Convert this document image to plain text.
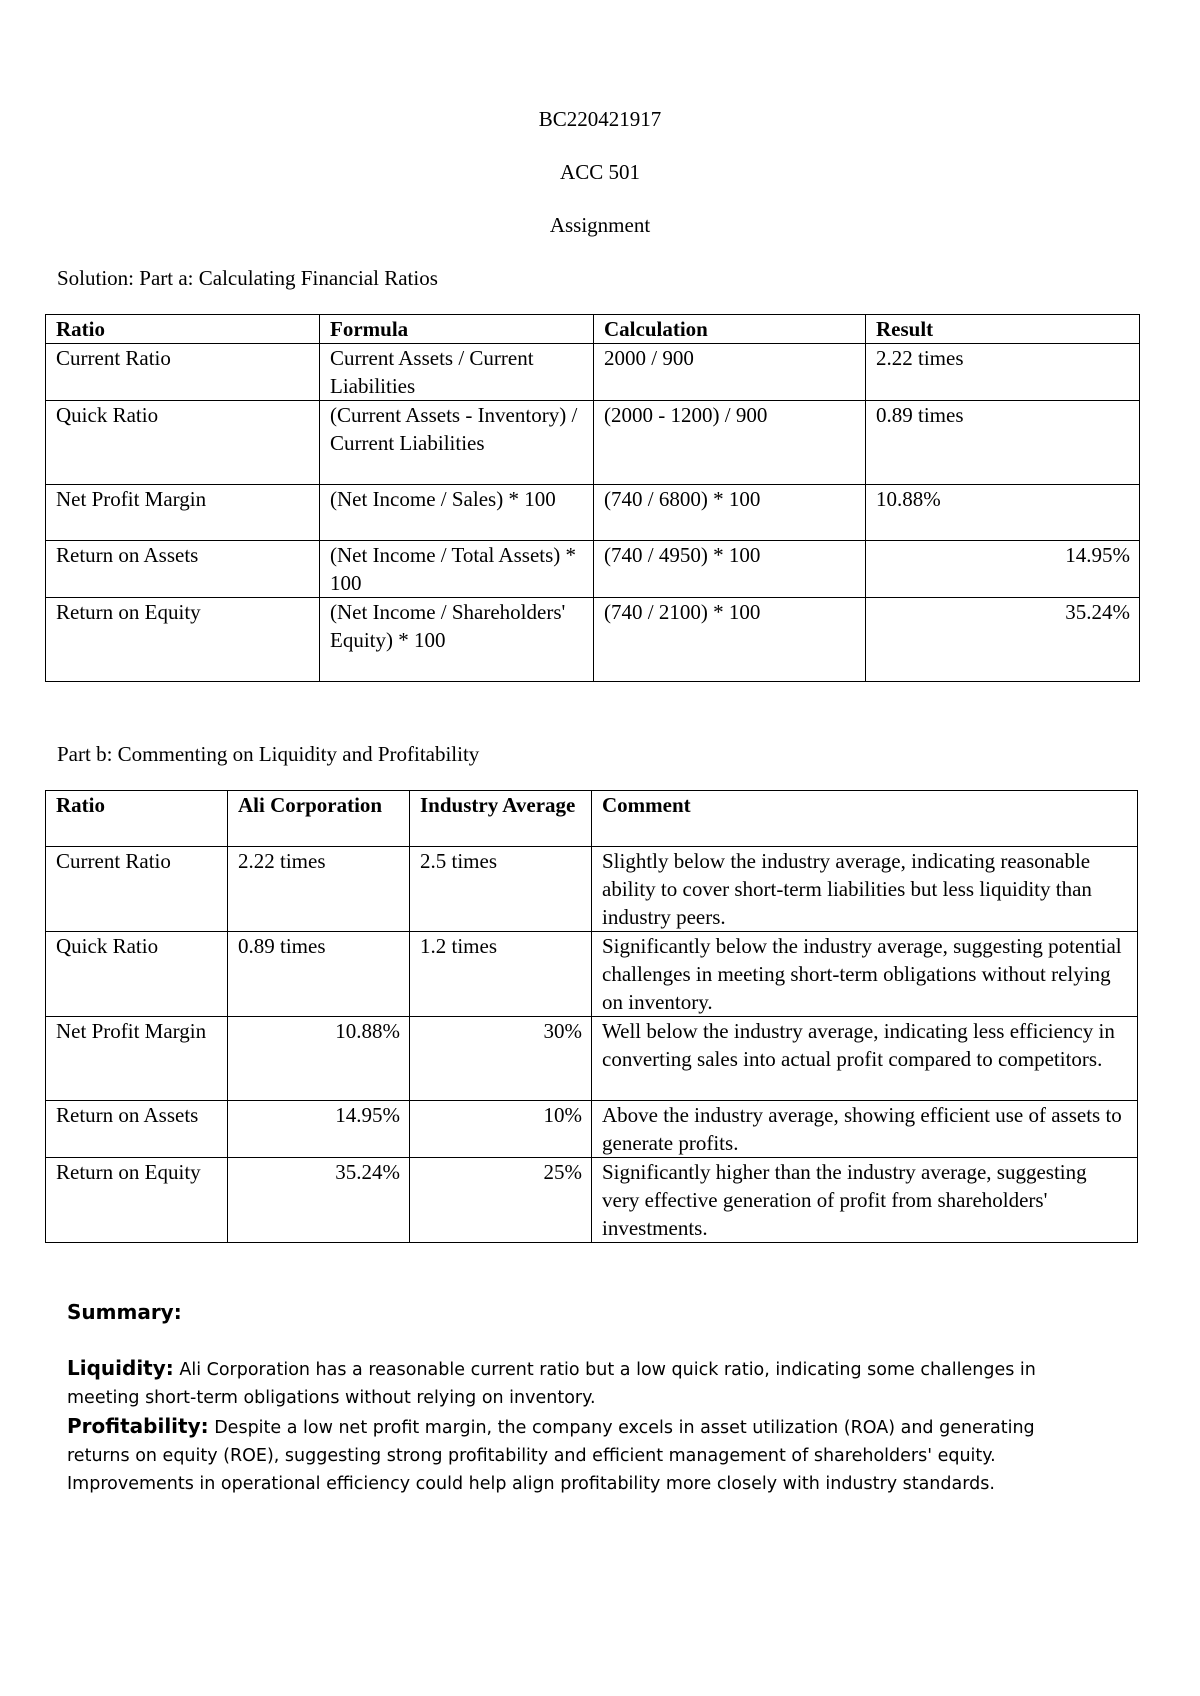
BC220421917
ACC 501
Assignment
Solution: Part a: Calculating Financial Ratios
Ratio	Formula	Calculation	Result
Current Ratio	Current Assets / Current Liabilities	2000 / 900	2.22 times
Quick Ratio	(Current Assets - Inventory) / Current Liabilities	(2000 - 1200) / 900	0.89 times
Net Profit Margin	(Net Income / Sales) * 100	(740 / 6800) * 100	10.88%
Return on Assets	(Net Income / Total Assets) * 100	(740 / 4950) * 100	14.95%
Return on Equity	(Net Income / Shareholders' Equity) * 100	(740 / 2100) * 100	35.24%
Part b: Commenting on Liquidity and Profitability
Ratio	Ali Corporation	Industry Average	Comment
Current Ratio	2.22 times	2.5 times	Slightly below the industry average, indicating reasonable ability to cover short-term liabilities but less liquidity than industry peers.
Quick Ratio	0.89 times	1.2 times	Significantly below the industry average, suggesting potential challenges in meeting short-term obligations without relying on inventory.
Net Profit Margin	10.88%	30%	Well below the industry average, indicating less efficiency in converting sales into actual profit compared to competitors.
Return on Assets	14.95%	10%	Above the industry average, showing efficient use of assets to generate profits.
Return on Equity	35.24%	25%	Significantly higher than the industry average, suggesting very effective generation of profit from shareholders' investments.
Summary:

Liquidity: Ali Corporation has a reasonable current ratio but a low quick ratio, indicating some challenges in meeting short-term obligations without relying on inventory.

Profitability: Despite a low net profit margin, the company excels in asset utilization (ROA) and generating returns on equity (ROE), suggesting strong profitability and efficient management of shareholders' equity. Improvements in operational efficiency could help align profitability more closely with industry standards.
